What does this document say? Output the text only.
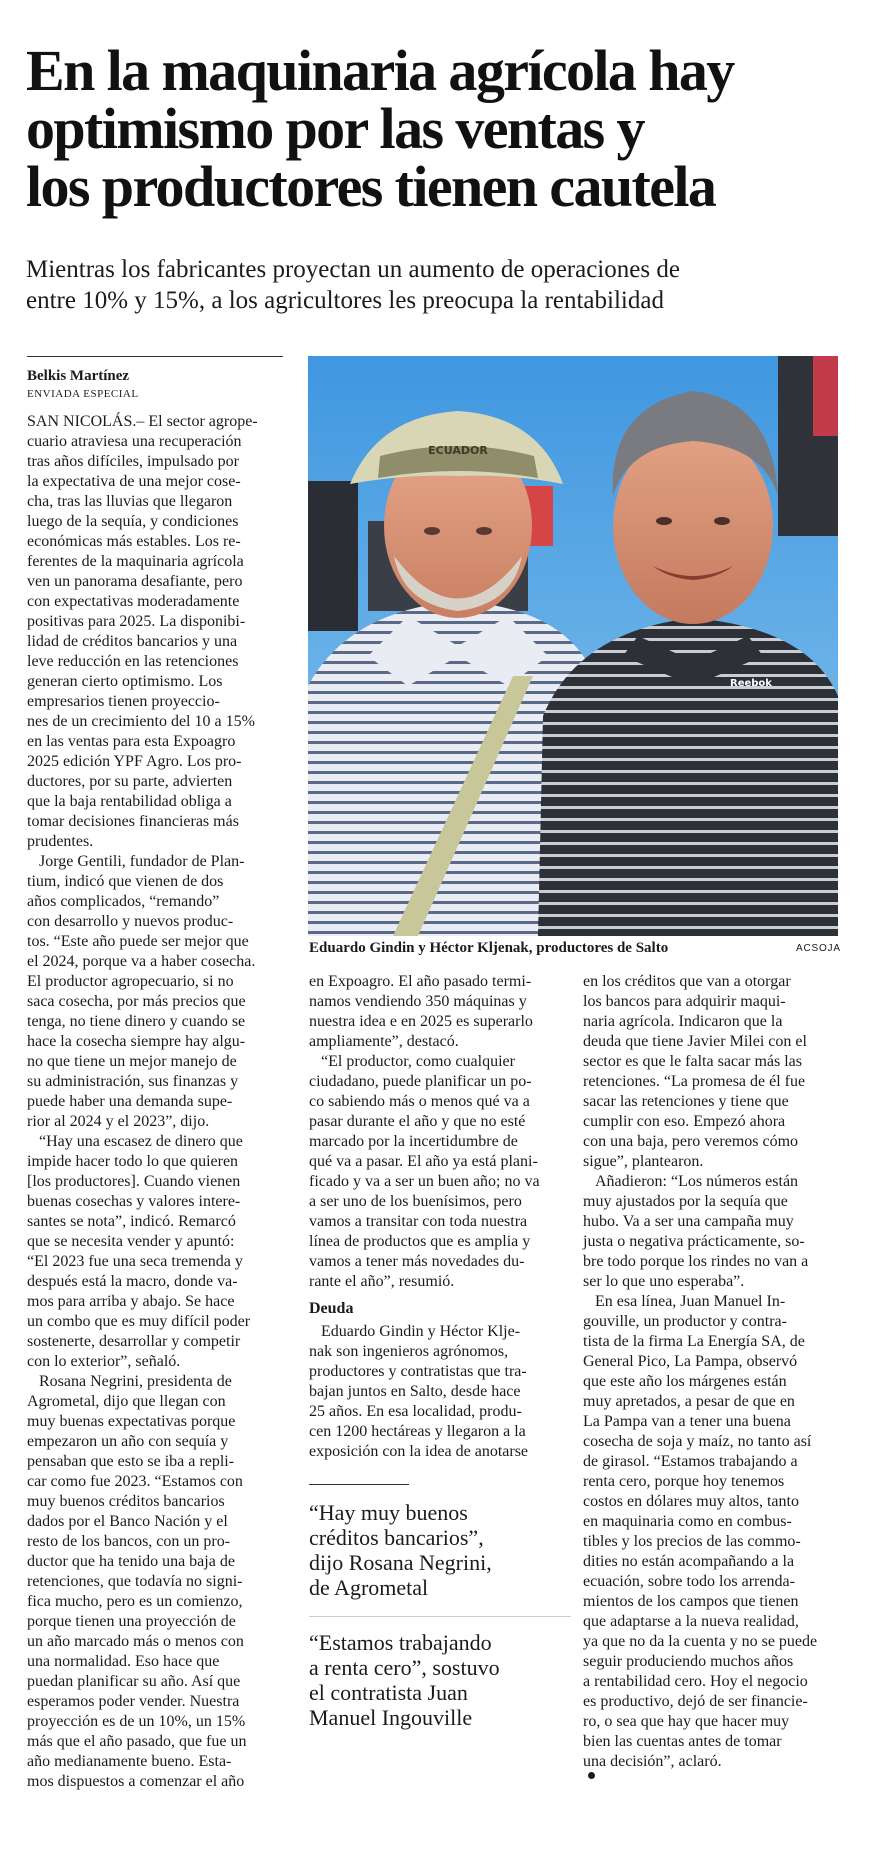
En la maquinaria agrícola hay
optimismo por las ventas y
los productores tienen cautela

Mientras los fabricantes proyectan un aumento de operaciones de
entre 10% y 15%, a los agricultores les preocupa la rentabilidad

Belkis Martínez
ENVIADA ESPECIAL
ECUADOR
Reebok
Eduardo Gindin y Héctor Kljenak, productores de Salto	ACSOJA
SAN NICOLÁS.– El sector agrope-
cuario atraviesa una recuperación
tras años difíciles, impulsado por
la expectativa de una mejor cose-
cha, tras las lluvias que llegaron
luego de la sequía, y condiciones
económicas más estables. Los re-
ferentes de la maquinaria agrícola
ven un panorama desafiante, pero
con expectativas moderadamente
positivas para 2025. La disponibi-
lidad de créditos bancarios y una
leve reducción en las retenciones
generan cierto optimismo. Los
empresarios tienen proyeccio-
nes de un crecimiento del 10 a 15%
en las ventas para esta Expoagro
2025 edición YPF Agro. Los pro-
ductores, por su parte, advierten
que la baja rentabilidad obliga a
tomar decisiones financieras más
prudentes.
Jorge Gentili, fundador de Plan-
tium, indicó que vienen de dos
años complicados, “remando”
con desarrollo y nuevos produc-
tos. “Este año puede ser mejor que
el 2024, porque va a haber cosecha.
El productor agropecuario, si no
saca cosecha, por más precios que
tenga, no tiene dinero y cuando se
hace la cosecha siempre hay algu-
no que tiene un mejor manejo de
su administración, sus finanzas y
puede haber una demanda supe-
rior al 2024 y el 2023”, dijo.
“Hay una escasez de dinero que
impide hacer todo lo que quieren
[los productores]. Cuando vienen
buenas cosechas y valores intere-
santes se nota”, indicó. Remarcó
que se necesita vender y apuntó:
“El 2023 fue una seca tremenda y
después está la macro, donde va-
mos para arriba y abajo. Se hace
un combo que es muy difícil poder
sostenerte, desarrollar y competir
con lo exterior”, señaló.
Rosana Negrini, presidenta de
Agrometal, dijo que llegan con
muy buenas expectativas porque
empezaron un año con sequía y
pensaban que esto se iba a repli-
car como fue 2023. “Estamos con
muy buenos créditos bancarios
dados por el Banco Nación y el
resto de los bancos, con un pro-
ductor que ha tenido una baja de
retenciones, que todavía no signi-
fica mucho, pero es un comienzo,
porque tienen una proyección de
un año marcado más o menos con
una normalidad. Eso hace que
puedan planificar su año. Así que
esperamos poder vender. Nuestra
proyección es de un 10%, un 15%
más que el año pasado, que fue un
año medianamente bueno. Esta-
mos dispuestos a comenzar el año
en Expoagro. El año pasado termi-
namos vendiendo 350 máquinas y
nuestra idea e en 2025 es superarlo
ampliamente”, destacó.
“El productor, como cualquier
ciudadano, puede planificar un po-
co sabiendo más o menos qué va a
pasar durante el año y que no esté
marcado por la incertidumbre de
qué va a pasar. El año ya está plani-
ficado y va a ser un buen año; no va
a ser uno de los buenísimos, pero
vamos a transitar con toda nuestra
línea de productos que es amplia y
vamos a tener más novedades du-
rante el año”, resumió.
Deuda
Eduardo Gindin y Héctor Klje-
nak son ingenieros agrónomos,
productores y contratistas que tra-
bajan juntos en Salto, desde hace
25 años. En esa localidad, produ-
cen 1200 hectáreas y llegaron a la
exposición con la idea de anotarse

“Hay muy buenos
créditos bancarios”,
dijo Rosana Negrini,
de Agrometal

“Estamos trabajando
a renta cero”, sostuvo
el contratista Juan
Manuel Ingouville

en los créditos que van a otorgar
los bancos para adquirir maqui-
naria agrícola. Indicaron que la
deuda que tiene Javier Milei con el
sector es que le falta sacar más las
retenciones. “La promesa de él fue
sacar las retenciones y tiene que
cumplir con eso. Empezó ahora
con una baja, pero veremos cómo
sigue”, plantearon.
Añadieron: “Los números están
muy ajustados por la sequía que
hubo. Va a ser una campaña muy
justa o negativa prácticamente, so-
bre todo porque los rindes no van a
ser lo que uno esperaba”.
En esa línea, Juan Manuel In-
gouville, un productor y contra-
tista de la firma La Energía SA, de
General Pico, La Pampa, observó
que este año los márgenes están
muy apretados, a pesar de que en
La Pampa van a tener una buena
cosecha de soja y maíz, no tanto así
de girasol. “Estamos trabajando a
renta cero, porque hoy tenemos
costos en dólares muy altos, tanto
en maquinaria como en combus-
tibles y los precios de las commo-
dities no están acompañando a la
ecuación, sobre todo los arrenda-
mientos de los campos que tienen
que adaptarse a la nueva realidad,
ya que no da la cuenta y no se puede
seguir produciendo muchos años
a rentabilidad cero. Hoy el negocio
es productivo, dejó de ser financie-
ro, o sea que hay que hacer muy
bien las cuentas antes de tomar
una decisión”, aclaró.
